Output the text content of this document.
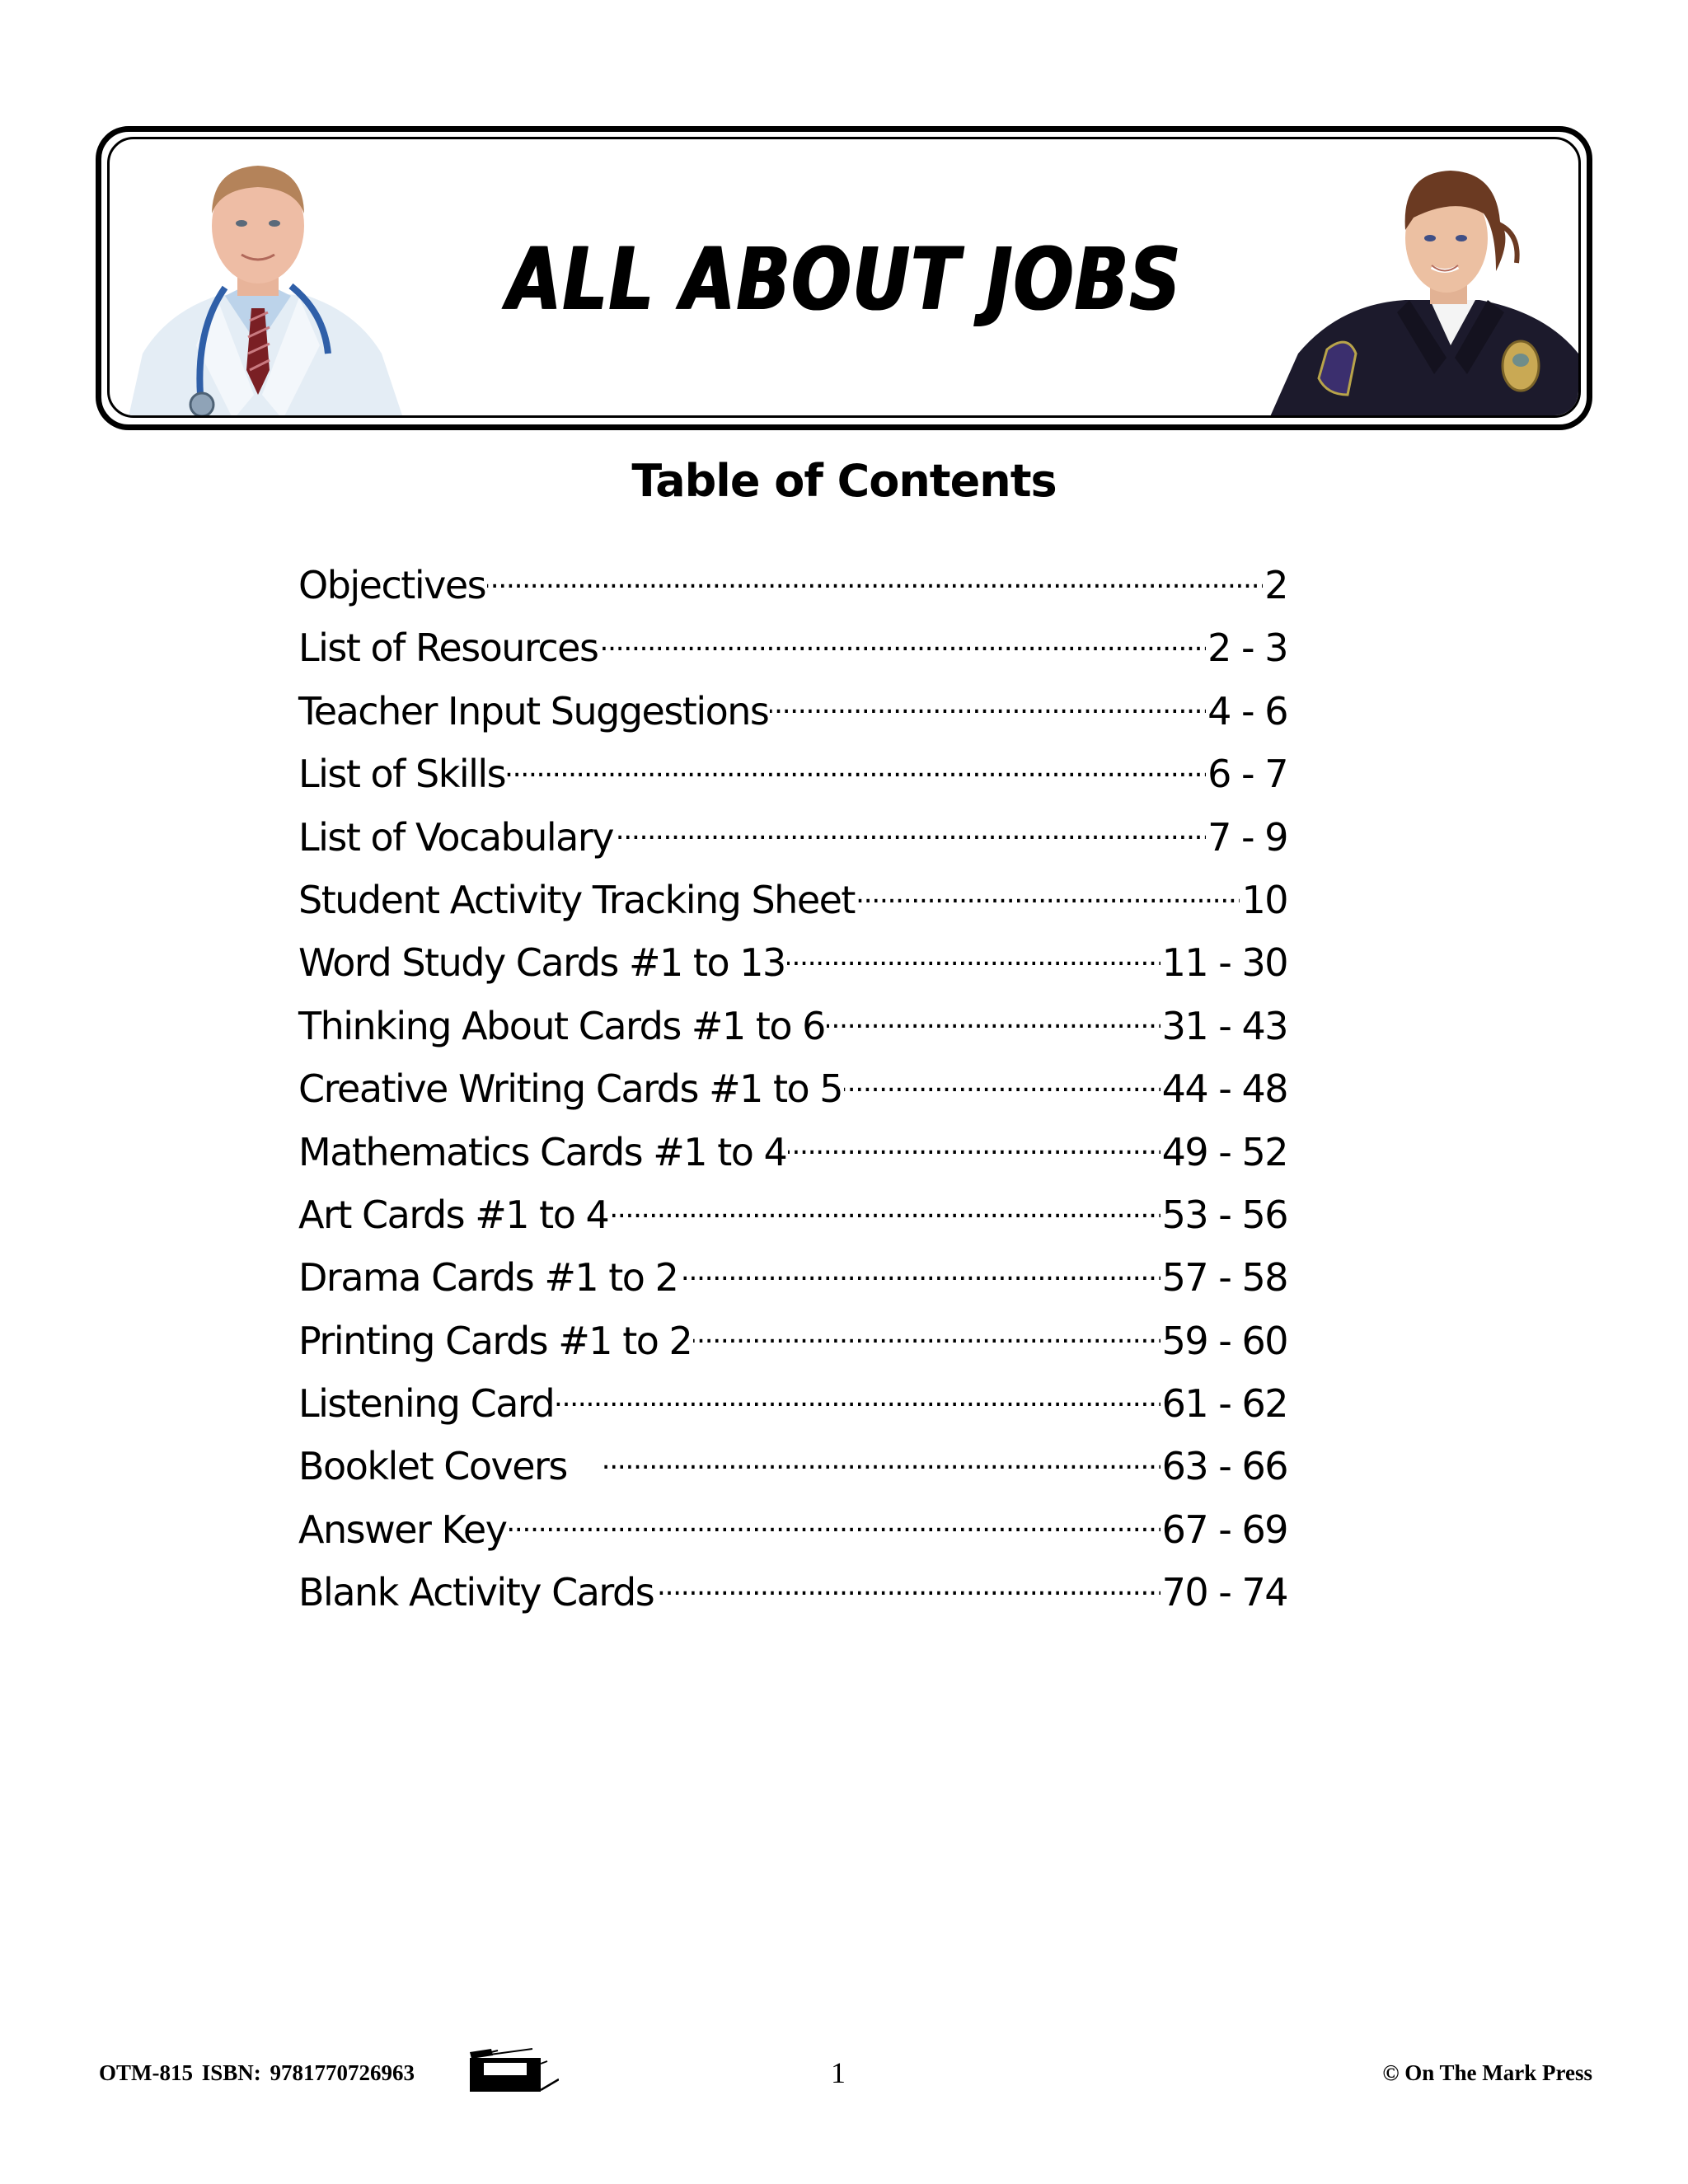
ALL ABOUT JOBS
Table of Contents
Objectives . . .	2
List of Resources . . .	2 - 3
Teacher Input Suggestions . . .	4 - 6
List of Skills . . .	6 - 7
List of Vocabulary . . .	7 - 9
Student Activity Tracking Sheet . . .	10
Word Study Cards #1 to 13 . . .	11 - 30
Thinking About Cards #1 to 6 . . .	31 - 43
Creative Writing Cards #1 to 5 . . .	44 - 48
Mathematics Cards #1 to 4 . . .	49 - 52
Art Cards #1 to 4 . . .	53 - 56
Drama Cards #1 to 2 . . .	57 - 58
Printing Cards #1 to 2 . . .	59 - 60
Listening Card . . .	61 - 62
Booklet Covers . . .	63 - 66
Answer Key . . .	67 - 69
Blank Activity Cards . . .	70 - 74
OTM-815 ISBN: 9781770726963	1	© On The Mark Press
